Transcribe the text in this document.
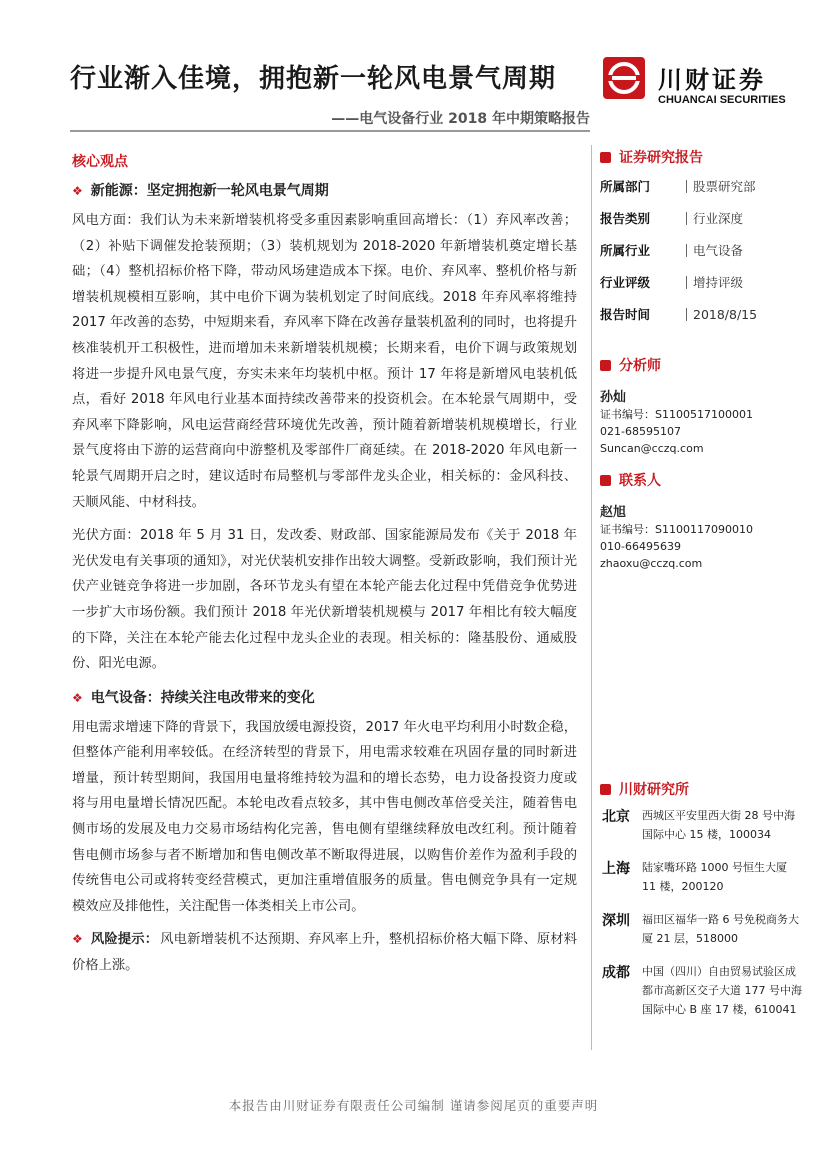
行业渐入佳境，拥抱新一轮风电景气周期
——电气设备行业 2018 年中期策略报告
川财证券
CHUANCAI SECURITIES
核心观点
❖ 新能源：坚定拥抱新一轮风电景气周期

风电方面：我们认为未来新增装机将受多重因素影响重回高增长：（1）弃风率改善；（2）补贴下调催发抢装预期；（3）装机规划为 2018-2020 年新增装机奠定增长基础；（4）整机招标价格下降，带动风场建造成本下探。电价、弃风率、整机价格与新增装机规模相互影响，其中电价下调为装机划定了时间底线。2018 年弃风率将维持 2017 年改善的态势，中短期来看，弃风率下降在改善存量装机盈利的同时，也将提升核准装机开工积极性，进而增加未来新增装机规模；长期来看，电价下调与政策规划将进一步提升风电景气度，夯实未来年均装机中枢。预计 17 年将是新增风电装机低点，看好 2018 年风电行业基本面持续改善带来的投资机会。在本轮景气周期中，受弃风率下降影响，风电运营商经营环境优先改善，预计随着新增装机规模增长，行业景气度将由下游的运营商向中游整机及零部件厂商延续。在 2018-2020 年风电新一轮景气周期开启之时，建议适时布局整机与零部件龙头企业，相关标的：金风科技、天顺风能、中材科技。

光伏方面：2018 年 5 月 31 日，发改委、财政部、国家能源局发布《关于 2018 年光伏发电有关事项的通知》，对光伏装机安排作出较大调整。受新政影响，我们预计光伏产业链竞争将进一步加剧，各环节龙头有望在本轮产能去化过程中凭借竞争优势进一步扩大市场份额。我们预计 2018 年光伏新增装机规模与 2017 年相比有较大幅度的下降，关注在本轮产能去化过程中龙头企业的表现。相关标的：隆基股份、通威股份、阳光电源。

❖ 电气设备：持续关注电改带来的变化

用电需求增速下降的背景下，我国放缓电源投资，2017 年火电平均利用小时数企稳，但整体产能利用率较低。在经济转型的背景下，用电需求较难在巩固存量的同时新进增量，预计转型期间，我国用电量将维持较为温和的增长态势，电力设备投资力度或将与用电量增长情况匹配。本轮电改看点较多，其中售电侧改革倍受关注，随着售电侧市场的发展及电力交易市场结构化完善，售电侧有望继续释放电改红利。预计随着售电侧市场参与者不断增加和售电侧改革不断取得进展，以购售价差作为盈利手段的传统售电公司或将转变经营模式，更加注重增值服务的质量。售电侧竞争具有一定规模效应及排他性，关注配售一体类相关上市公司。

❖ 风险提示： 风电新增装机不达预期、弃风率上升，整机招标价格大幅下降、原材料价格上涨。

证券研究报告
所属部门	股票研究部
报告类别	行业深度
所属行业	电气设备
行业评级	增持评级
报告时间	2018/8/15
分析师
孙灿
证书编号：S1100517100001
021-68595107
Suncan@cczq.com
联系人
赵旭
证书编号：S1100117090010
010-66495639
zhaoxu@cczq.com
川财研究所
北京 西城区平安里西大街 28 号中海国际中心 15 楼，100034
上海 陆家嘴环路 1000 号恒生大厦 11 楼，200120
深圳 福田区福华一路 6 号免税商务大厦 21 层，518000
成都 中国（四川）自由贸易试验区成都市高新区交子大道 177 号中海国际中心 B 座 17 楼，610041
本报告由川财证券有限责任公司编制 谨请参阅尾页的重要声明
